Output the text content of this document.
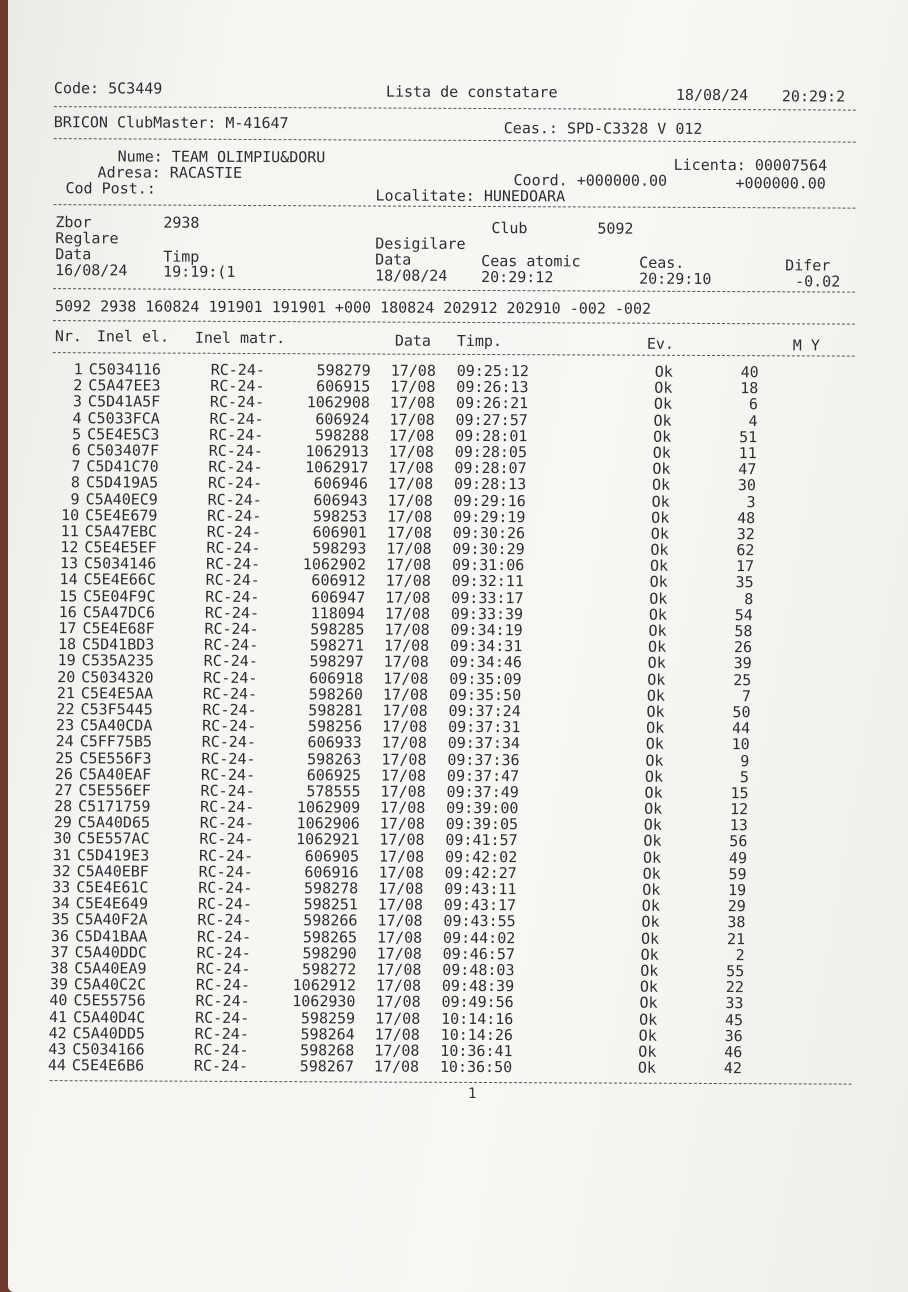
Code: 5C3449	Lista de constatare	18/08/24 20:29:2
BRICON ClubMaster: M-41647	Ceas.: SPD-C3328 V 012
Nume: TEAM OLIMPIU&DORU	Licenta: 00007564
Adresa: RACASTIE	Coord. +000000.00	+000000.00
Cod Post.:	Localitate: HUNEDOARA
Zbor	2938	Club	5092
Reglare	Desigilare
Data	Timp	Data	Ceas atomic	Ceas.	Difer
16/08/24 19:19:(1	18/08/24 20:29:12	20:29:10	-0.02
5092 2938 160824 191901 191901 +000 180824 202912 202910 -002 -002
Nr. Inel el. Inel matr.	Data Timp.	Ev.	M Y
1 C5034116	RC-24-	598279 17/08 09:25:12	Ok	40
2 C5A47EE3	RC-24-	606915 17/08 09:26:13	Ok	18
3 C5D41A5F	RC-24-	1062908 17/08 09:26:21	Ok	6
4 C5033FCA	RC-24-	606924 17/08 09:27:57	Ok	4
5 C5E4E5C3	RC-24-	598288 17/08 09:28:01	Ok	51
6 C503407F	RC-24-	1062913 17/08 09:28:05	Ok	11
7 C5D41C70	RC-24-	1062917 17/08 09:28:07	Ok	47
8 C5D419A5	RC-24-	606946 17/08 09:28:13	Ok	30
9 C5A40EC9	RC-24-	606943 17/08 09:29:16	Ok	3
10 C5E4E679	RC-24-	598253 17/08 09:29:19	Ok	48
11 C5A47EBC	RC-24-	606901 17/08 09:30:26	Ok	32
12 C5E4E5EF	RC-24-	598293 17/08 09:30:29	Ok	62
13 C5034146	RC-24-	1062902 17/08 09:31:06	Ok	17
14 C5E4E66C	RC-24-	606912 17/08 09:32:11	Ok	35
15 C5E04F9C	RC-24-	606947 17/08 09:33:17	Ok	8
16 C5A47DC6	RC-24-	118094 17/08 09:33:39	Ok	54
17 C5E4E68F	RC-24-	598285 17/08 09:34:19	Ok	58
18 C5D41BD3	RC-24-	598271 17/08 09:34:31	Ok	26
19 C535A235	RC-24-	598297 17/08 09:34:46	Ok	39
20 C5034320	RC-24-	606918 17/08 09:35:09	Ok	25
21 C5E4E5AA	RC-24-	598260 17/08 09:35:50	Ok	7
22 C53F5445	RC-24-	598281 17/08 09:37:24	Ok	50
23 C5A40CDA	RC-24-	598256 17/08 09:37:31	Ok	44
24 C5FF75B5	RC-24-	606933 17/08 09:37:34	Ok	10
25 C5E556F3	RC-24-	598263 17/08 09:37:36	Ok	9
26 C5A40EAF	RC-24-	606925 17/08 09:37:47	Ok	5
27 C5E556EF	RC-24-	578555 17/08 09:37:49	Ok	15
28 C5171759	RC-24-	1062909 17/08 09:39:00	Ok	12
29 C5A40D65	RC-24-	1062906 17/08 09:39:05	Ok	13
30 C5E557AC	RC-24-	1062921 17/08 09:41:57	Ok	56
31 C5D419E3	RC-24-	606905 17/08 09:42:02	Ok	49
32 C5A40EBF	RC-24-	606916 17/08 09:42:27	Ok	59
33 C5E4E61C	RC-24-	598278 17/08 09:43:11	Ok	19
34 C5E4E649	RC-24-	598251 17/08 09:43:17	Ok	29
35 C5A40F2A	RC-24-	598266 17/08 09:43:55	Ok	38
36 C5D41BAA	RC-24-	598265 17/08 09:44:02	Ok	21
37 C5A40DDC	RC-24-	598290 17/08 09:46:57	Ok	2
38 C5A40EA9	RC-24-	598272 17/08 09:48:03	Ok	55
39 C5A40C2C	RC-24-	1062912 17/08 09:48:39	Ok	22
40 C5E55756	RC-24-	1062930 17/08 09:49:56	Ok	33
41 C5A40D4C	RC-24-	598259 17/08 10:14:16	Ok	45
42 C5A40DD5	RC-24-	598264 17/08 10:14:26	Ok	36
43 C5034166	RC-24-	598268 17/08 10:36:41	Ok	46
44 C5E4E6B6	RC-24-	598267 17/08 10:36:50	Ok	42
1
